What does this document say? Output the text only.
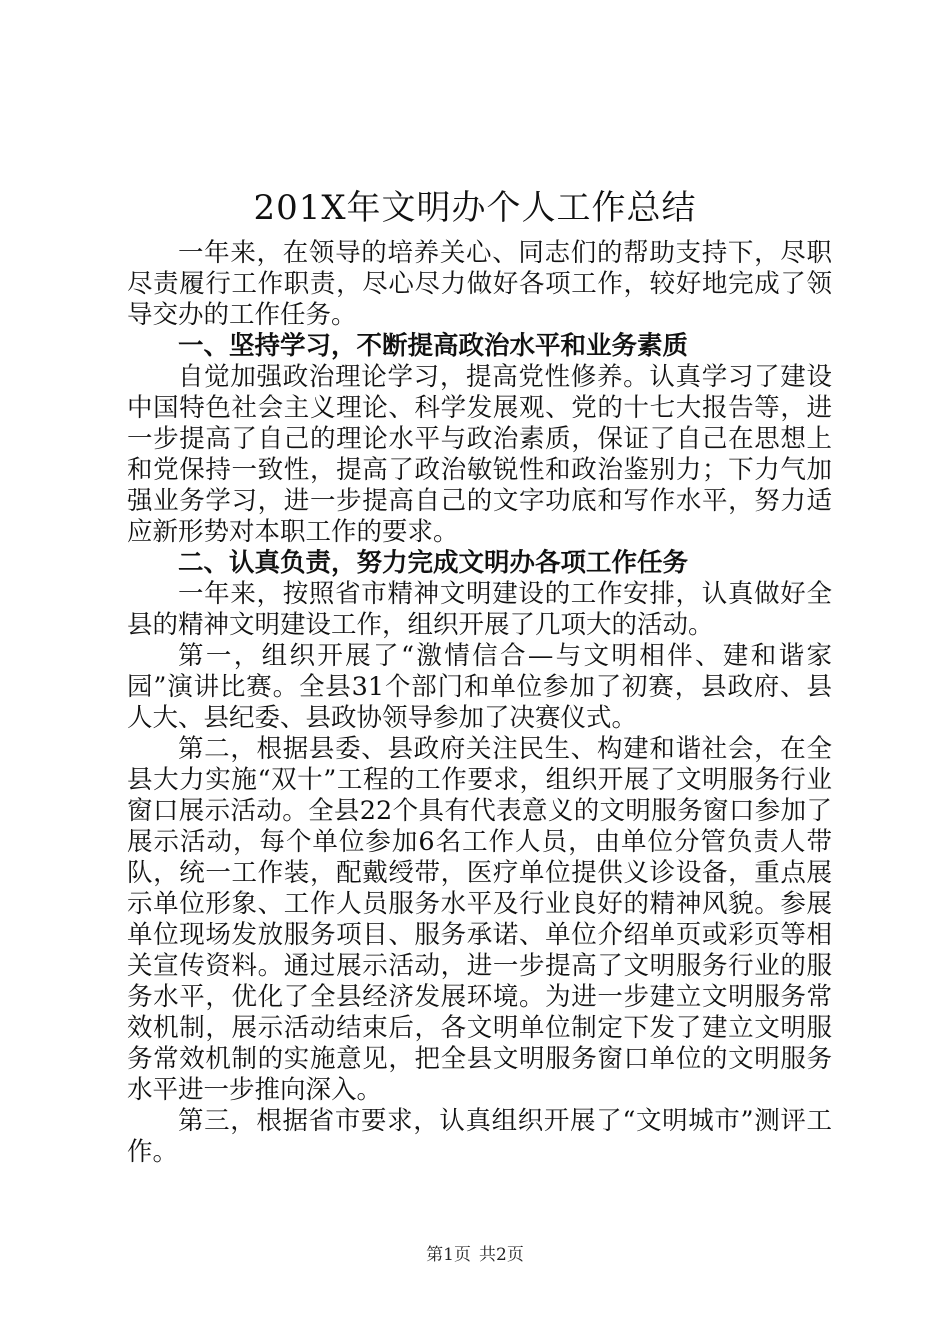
201X年文明办个人工作总结

一年来，在领导的培养关心、同志们的帮助支持下，尽职尽责履行工作职责，尽心尽力做好各项工作，较好地完成了领导交办的工作任务。

一、坚持学习，不断提高政治水平和业务素质

自觉加强政治理论学习，提高党性修养。认真学习了建设中国特色社会主义理论、科学发展观、党的十七大报告等，进一步提高了自己的理论水平与政治素质，保证了自己在思想上和党保持一致性，提高了政治敏锐性和政治鉴别力；下力气加强业务学习，进一步提高自己的文字功底和写作水平，努力适应新形势对本职工作的要求。

二、认真负责，努力完成文明办各项工作任务

一年来，按照省市精神文明建设的工作安排，认真做好全县的精神文明建设工作，组织开展了几项大的活动。

第一，组织开展了“激情信合—与文明相伴、建和谐家园”演讲比赛。全县31个部门和单位参加了初赛，县政府、县人大、县纪委、县政协领导参加了决赛仪式。

第二，根据县委、县政府关注民生、构建和谐社会，在全县大力实施“双十”工程的工作要求，组织开展了文明服务行业窗口展示活动。全县22个具有代表意义的文明服务窗口参加了展示活动，每个单位参加6名工作人员，由单位分管负责人带队，统一工作装，配戴绶带，医疗单位提供义诊设备，重点展示单位形象、工作人员服务水平及行业良好的精神风貌。参展单位现场发放服务项目、服务承诺、单位介绍单页或彩页等相关宣传资料。通过展示活动，进一步提高了文明服务行业的服务水平，优化了全县经济发展环境。为进一步建立文明服务常效机制，展示活动结束后，各文明单位制定下发了建立文明服务常效机制的实施意见，把全县文明服务窗口单位的文明服务水平进一步推向深入。

第三，根据省市要求，认真组织开展了“文明城市”测评工作。

第1页 共2页
